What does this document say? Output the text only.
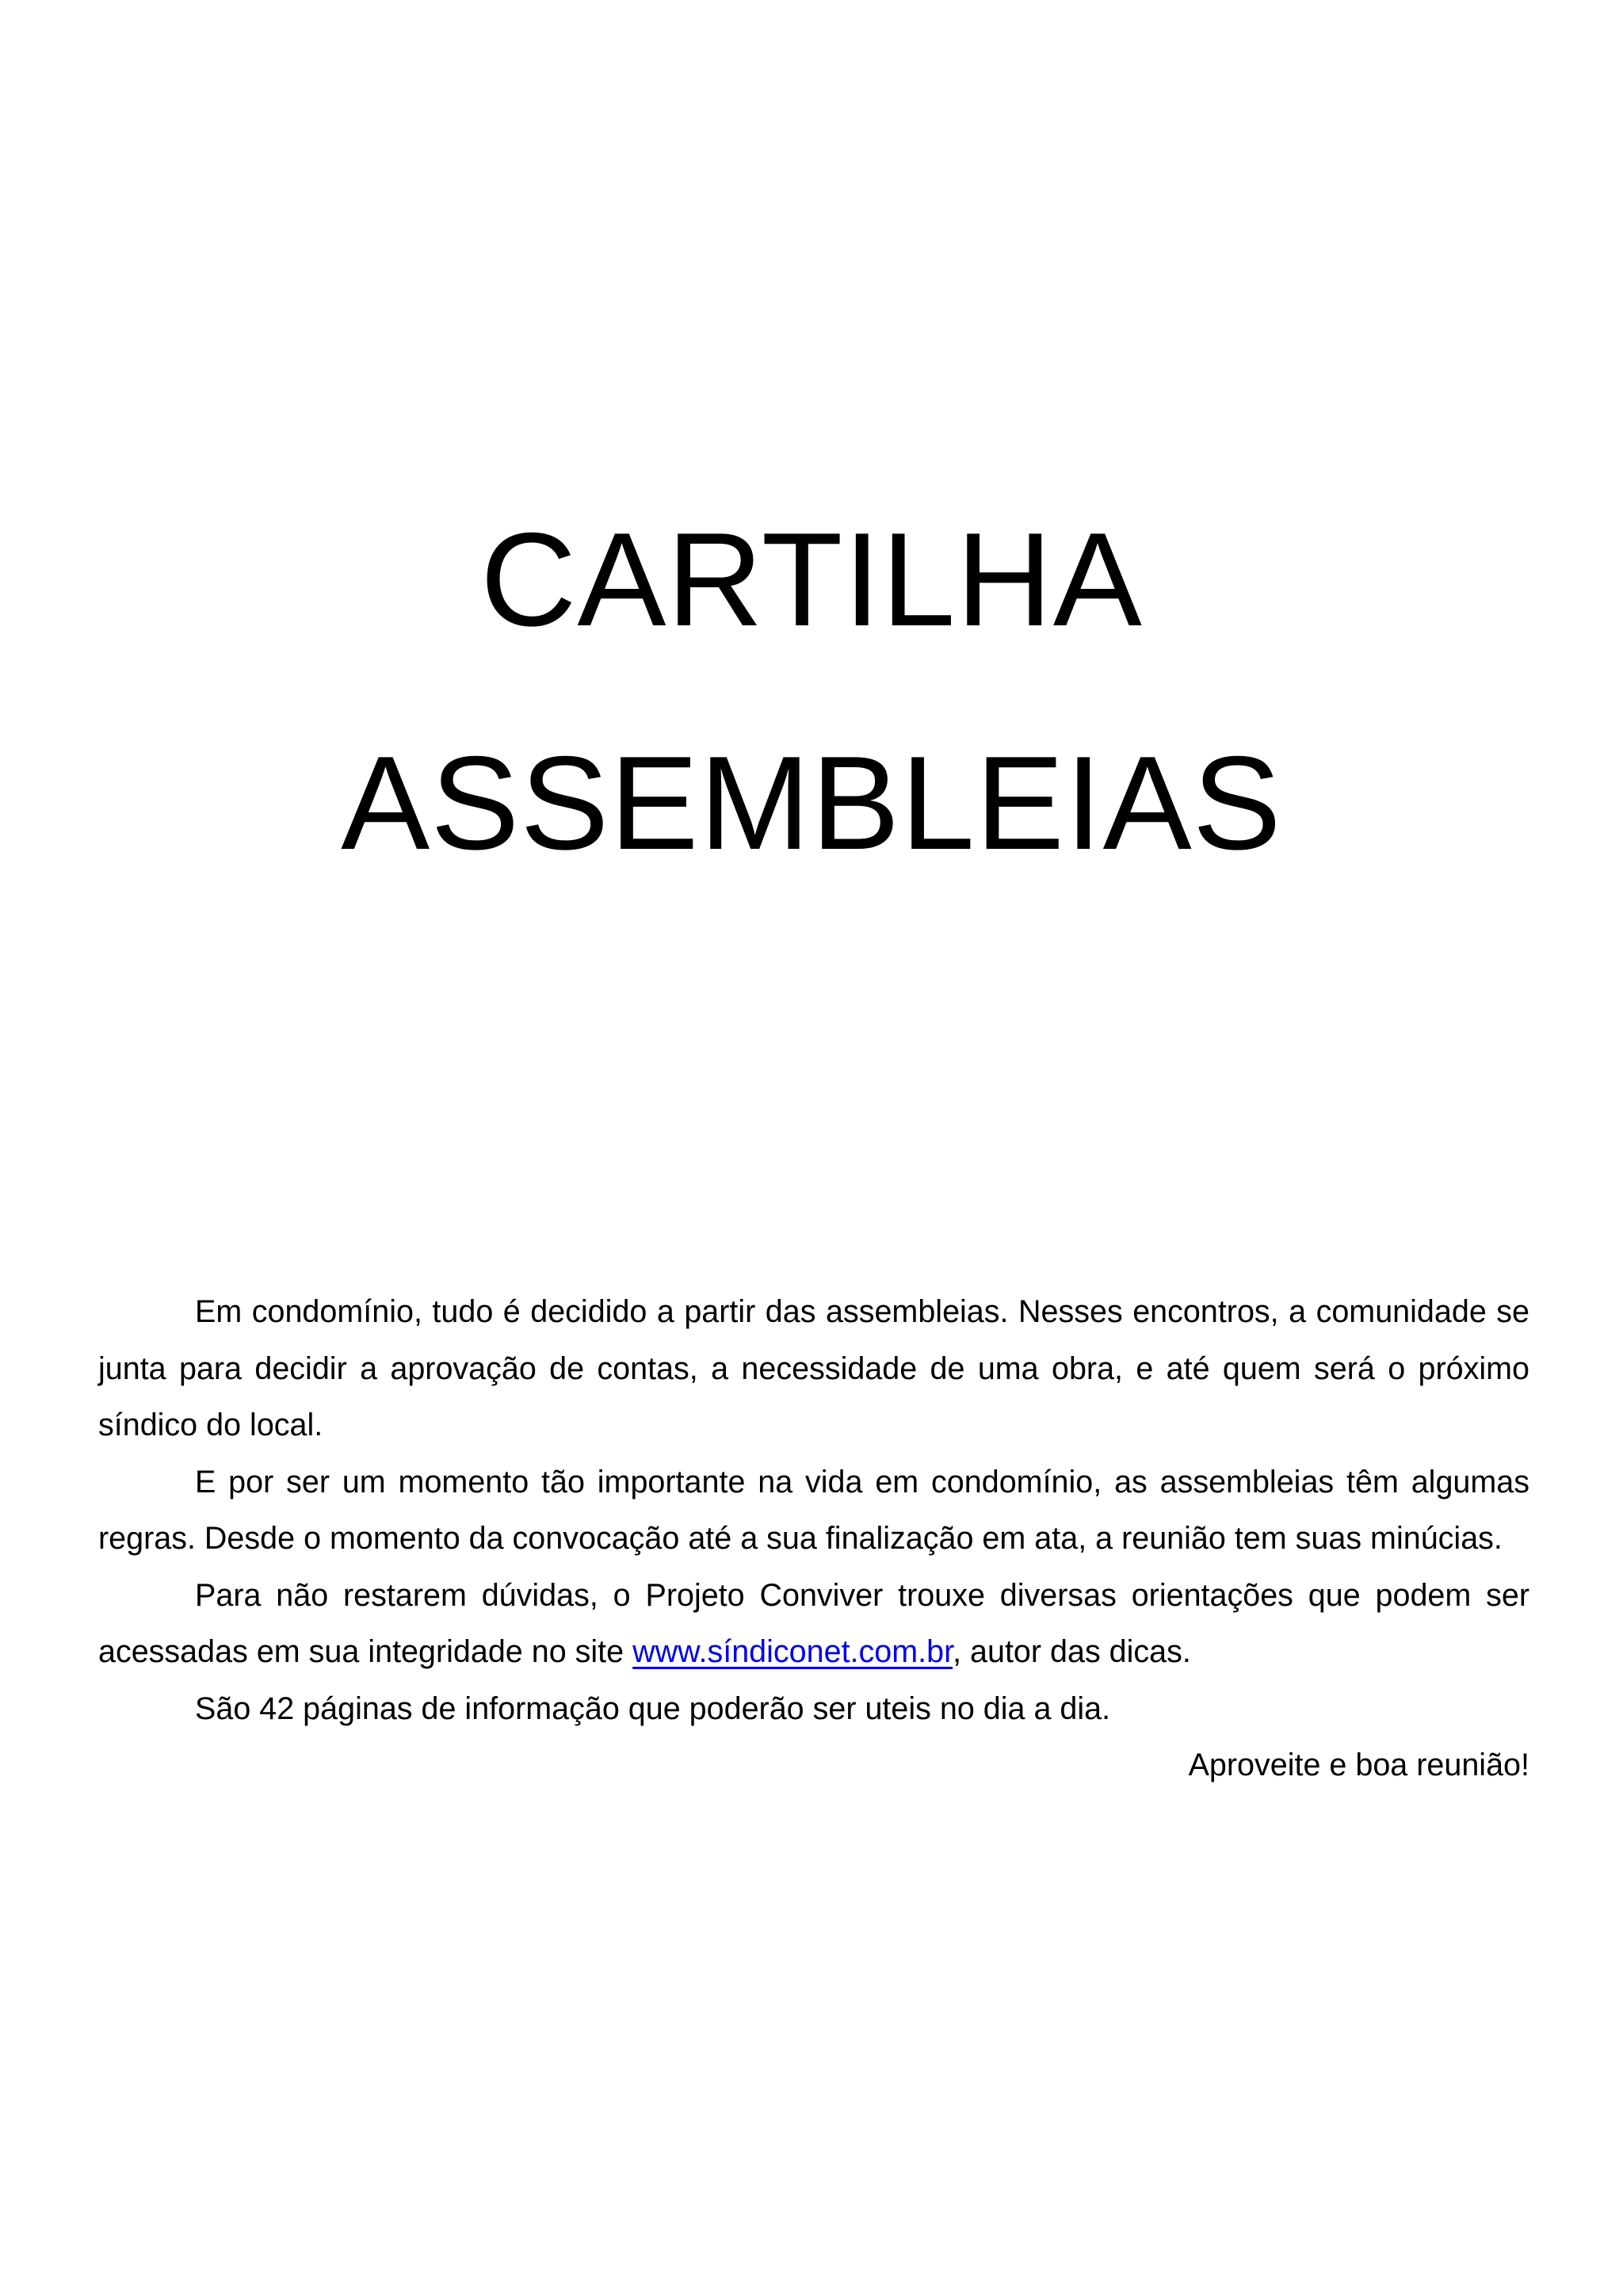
CARTILHA

ASSEMBLEIAS

Em condomínio, tudo é decidido a partir das assembleias. Nesses encontros, a comunidade se junta para decidir a aprovação de contas, a necessidade de uma obra, e até quem será o próximo síndico do local.

E por ser um momento tão importante na vida em condomínio, as assembleias têm algumas regras. Desde o momento da convocação até a sua finalização em ata, a reunião tem suas minúcias.

Para não restarem dúvidas, o Projeto Conviver trouxe diversas orientações que podem ser acessadas em sua integridade no site www.síndiconet.com.br, autor das dicas.

São 42 páginas de informação que poderão ser uteis no dia a dia.

Aproveite e boa reunião!
